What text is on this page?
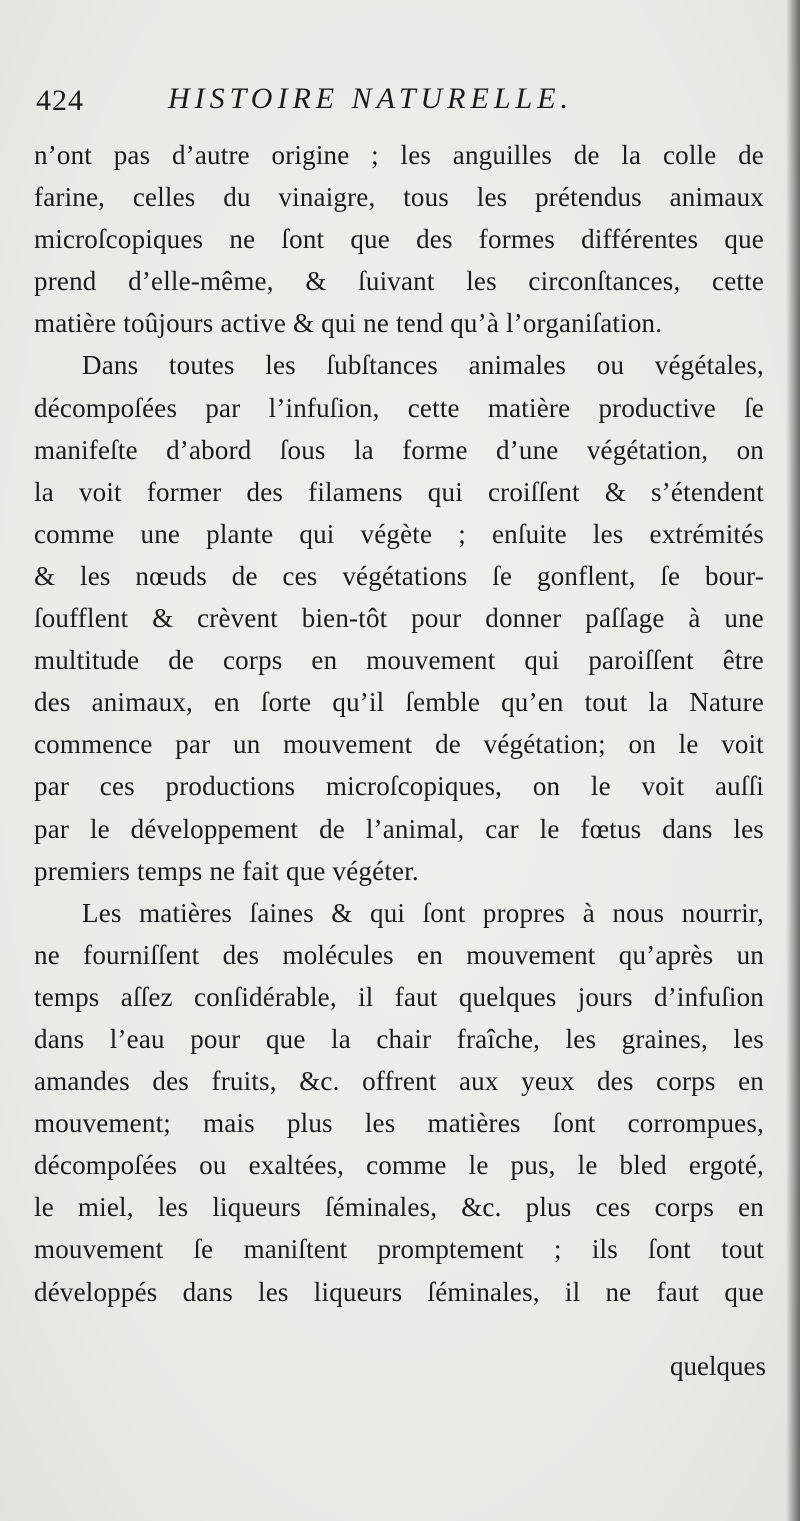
424	HISTOIRE NATURELLE.
n’ont pas d’autre origine ; les anguilles de la colle de
farine, celles du vinaigre, tous les prétendus animaux
microſcopiques ne ſont que des formes différentes que
prend d’elle-même, & ſuivant les circonſtances, cette
matière toûjours active & qui ne tend qu’à l’organiſation.
Dans toutes les ſubſtances animales ou végétales,
décompoſées par l’infuſion, cette matière productive ſe
manifeſte d’abord ſous la forme d’une végétation, on
la voit former des filamens qui croiſſent & s’étendent
comme une plante qui végète ; enſuite les extrémités
& les nœuds de ces végétations ſe gonflent, ſe bour-
ſoufflent & crèvent bien-tôt pour donner paſſage à une
multitude de corps en mouvement qui paroiſſent être
des animaux, en ſorte qu’il ſemble qu’en tout la Nature
commence par un mouvement de végétation; on le voit
par ces productions microſcopiques, on le voit auſſi
par le développement de l’animal, car le fœtus dans les
premiers temps ne fait que végéter.
Les matières ſaines & qui ſont propres à nous nourrir,
ne fourniſſent des molécules en mouvement qu’après un
temps aſſez conſidérable, il faut quelques jours d’infuſion
dans l’eau pour que la chair fraîche, les graines, les
amandes des fruits, &c. offrent aux yeux des corps en
mouvement; mais plus les matières ſont corrompues,
décompoſées ou exaltées, comme le pus, le bled ergoté,
le miel, les liqueurs ſéminales, &c. plus ces corps en
mouvement ſe maniſtent promptement ; ils ſont tout
développés dans les liqueurs ſéminales, il ne faut que
quelques
